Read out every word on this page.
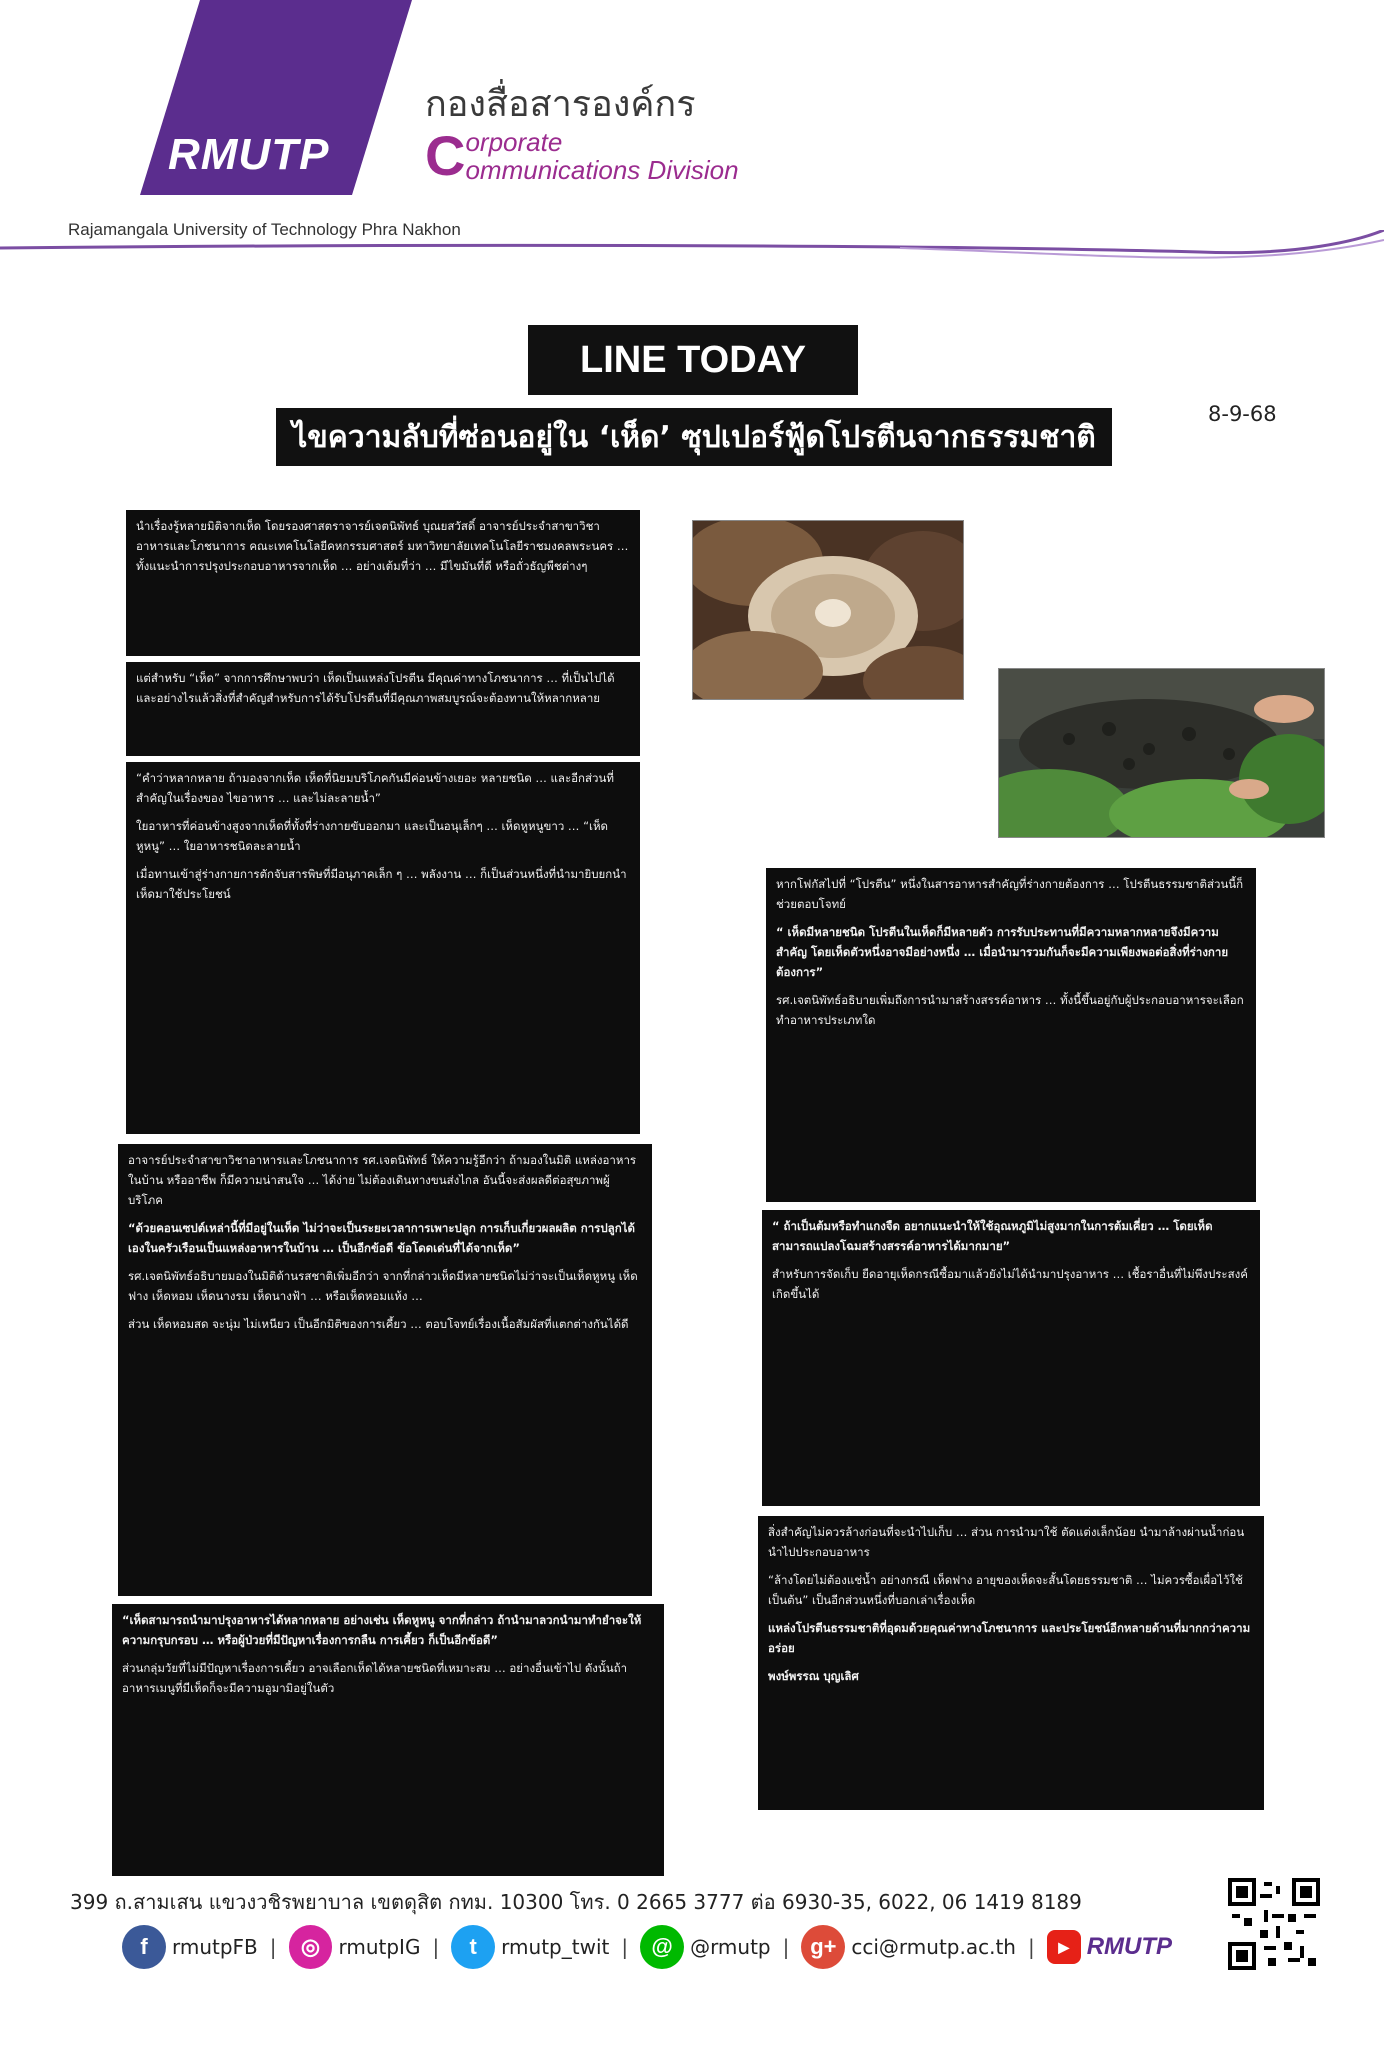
RMUTP
กองสื่อสารองค์กร
C orporate
ommunications Division
Rajamangala University of Technology Phra Nakhon
LINE TODAY
ไขความลับที่ซ่อนอยู่ใน ‘เห็ด’ ซุปเปอร์ฟู้ดโปรตีนจากธรรมชาติ
8-9-68

นำเรื่องรู้หลายมิติจากเห็ด โดยรองศาสตราจารย์เจตนิพัทธ์ บุณยสวัสดิ์ อาจารย์ประจำสาขาวิชาอาหารและโภชนาการ คณะเทคโนโลยีคหกรรมศาสตร์ มหาวิทยาลัยเทคโนโลยีราชมงคลพระนคร … ทั้งแนะนำการปรุงประกอบอาหารจากเห็ด … อย่างเต้มที่ว่า … มีไขมันที่ดี หรือถั่วธัญพืชต่างๆ

แต่สำหรับ “เห็ด” จากการศึกษาพบว่า เห็ดเป็นแหล่งโปรตีน มีคุณค่าทางโภชนาการ … ที่เป็นไปได้ และอย่างไรแล้วสิ่งที่สำคัญสำหรับการได้รับโปรตีนที่มีคุณภาพสมบูรณ์จะต้องทานให้หลากหลาย

“คำว่าหลากหลาย ถ้ามองจากเห็ด เห็ดที่นิยมบริโภคกันมีค่อนข้างเยอะ หลายชนิด … และอีกส่วนที่สำคัญในเรื่องของ ไขอาหาร … และไม่ละลายน้ำ”

ใยอาหารที่ค่อนข้างสูงจากเห็ดที่ทั้งที่ร่างกายขับออกมา และเป็นอนุเล็กๆ … เห็ดหูหนูขาว … “เห็ดหูหนู” … ใยอาหารชนิดละลายน้ำ

เมื่อทานเข้าสู่ร่างกายการตักจับสารพิษที่มีอนุภาคเล็ก ๆ … พลังงาน … ก็เป็นส่วนหนึ่งที่นำมายิบยกนำเห็ดมาใช้ประโยชน์

อาจารย์ประจำสาขาวิชาอาหารและโภชนาการ รศ.เจตนิพัทธ์ ให้ความรู้อีกว่า ถ้ามองในมิติ แหล่งอาหารในบ้าน หรืออาชีพ ก็มีความน่าสนใจ … ได้ง่าย ไม่ต้องเดินทางขนส่งไกล อันนี้จะส่งผลดีต่อสุขภาพผู้บริโภค

“ด้วยคอนเซปต์เหล่านี้ที่มีอยู่ในเห็ด ไม่ว่าจะเป็นระยะเวลาการเพาะปลูก การเก็บเกี่ยวผลผลิต การปลูกได้เองในครัวเรือนเป็นแหล่งอาหารในบ้าน … เป็นอีกข้อดี ข้อโดดเด่นที่ได้จากเห็ด”

รศ.เจตนิพัทธ์อธิบายมองในมิติด้านรสชาติเพิ่มอีกว่า จากที่กล่าวเห็ดมีหลายชนิดไม่ว่าจะเป็นเห็ดหูหนู เห็ดฟาง เห็ดหอม เห็ดนางรม เห็ดนางฟ้า … หรือเห็ดหอมแห้ง …

ส่วน เห็ดหอมสด จะนุ่ม ไม่เหนียว เป็นอีกมิติของการเคี้ยว … ตอบโจทย์เรื่องเนื้อสัมผัสที่แตกต่างกันได้ดี

“เห็ดสามารถนำมาปรุงอาหารได้หลากหลาย อย่างเช่น เห็ดหูหนู จากที่กล่าว ถ้านำมาลวกนำมาทำยำจะให้ความกรุบกรอบ … หรือผู้ป่วยที่มีปัญหาเรื่องการกลืน การเคี้ยว ก็เป็นอีกข้อดี”

ส่วนกลุ่มวัยที่ไม่มีปัญหาเรื่องการเคี้ยว อาจเลือกเห็ดได้หลายชนิดที่เหมาะสม … อย่างอื่นเข้าไป ดังนั้นถ้าอาหารเมนูที่มีเห็ดก็จะมีความอูมามิอยู่ในตัว

หากโฟกัสไปที่ “โปรตีน” หนึ่งในสารอาหารสำคัญที่ร่างกายต้องการ … โปรตีนธรรมชาติส่วนนี้ก็ช่วยตอบโจทย์

“ เห็ดมีหลายชนิด โปรตีนในเห็ดก็มีหลายตัว การรับประทานที่มีความหลากหลายจึงมีความสำคัญ โดยเห็ดตัวหนึ่งอาจมีอย่างหนึ่ง … เมื่อนำมารวมกันก็จะมีความเพียงพอต่อสิ่งที่ร่างกายต้องการ”

รศ.เจตนิพัทธ์อธิบายเพิ่มถึงการนำมาสร้างสรรค์อาหาร … ทั้งนี้ขึ้นอยู่กับผู้ประกอบอาหารจะเลือกทำอาหารประเภทใด

“ ถ้าเป็นต้มหรือทำแกงจืด อยากแนะนำให้ใช้อุณหภูมิไม่สูงมากในการต้มเคี่ยว … โดยเห็ดสามารถแปลงโฉมสร้างสรรค์อาหารได้มากมาย”

สำหรับการจัดเก็บ ยืดอายุเห็ดกรณีซื้อมาแล้วยังไม่ได้นำมาปรุงอาหาร … เชื้อราอื่นที่ไม่พึงประสงค์เกิดขึ้นได้

สิ่งสำคัญไม่ควรล้างก่อนที่จะนำไปเก็บ … ส่วน การนำมาใช้ ตัดแต่งเล็กน้อย นำมาล้างผ่านน้ำก่อนนำไปประกอบอาหาร

“ล้างโดยไม่ต้องแช่น้ำ อย่างกรณี เห็ดฟาง อายุของเห็ดจะสั้นโดยธรรมชาติ … ไม่ควรซื้อเผื่อไว้ใช้ เป็นต้น” เป็นอีกส่วนหนึ่งที่บอกเล่าเรื่องเห็ด

แหล่งโปรตีนธรรมชาติที่อุดมด้วยคุณค่าทางโภชนาการ และประโยชน์อีกหลายด้านที่มากกว่าความอร่อย

พงษ์พรรณ บุญเลิศ

399 ถ.สามเสน แขวงวชิรพยาบาล เขตดุสิต กทม. 10300 โทร. 0 2665 3777 ต่อ 6930-35, 6022, 06 1419 8189
f	rmutpFB |	◎ rmutpIG |	t	rmutp_twit |	@ @rmutp | g+ cci@rmutp.ac.th |	▶ RMUTP
